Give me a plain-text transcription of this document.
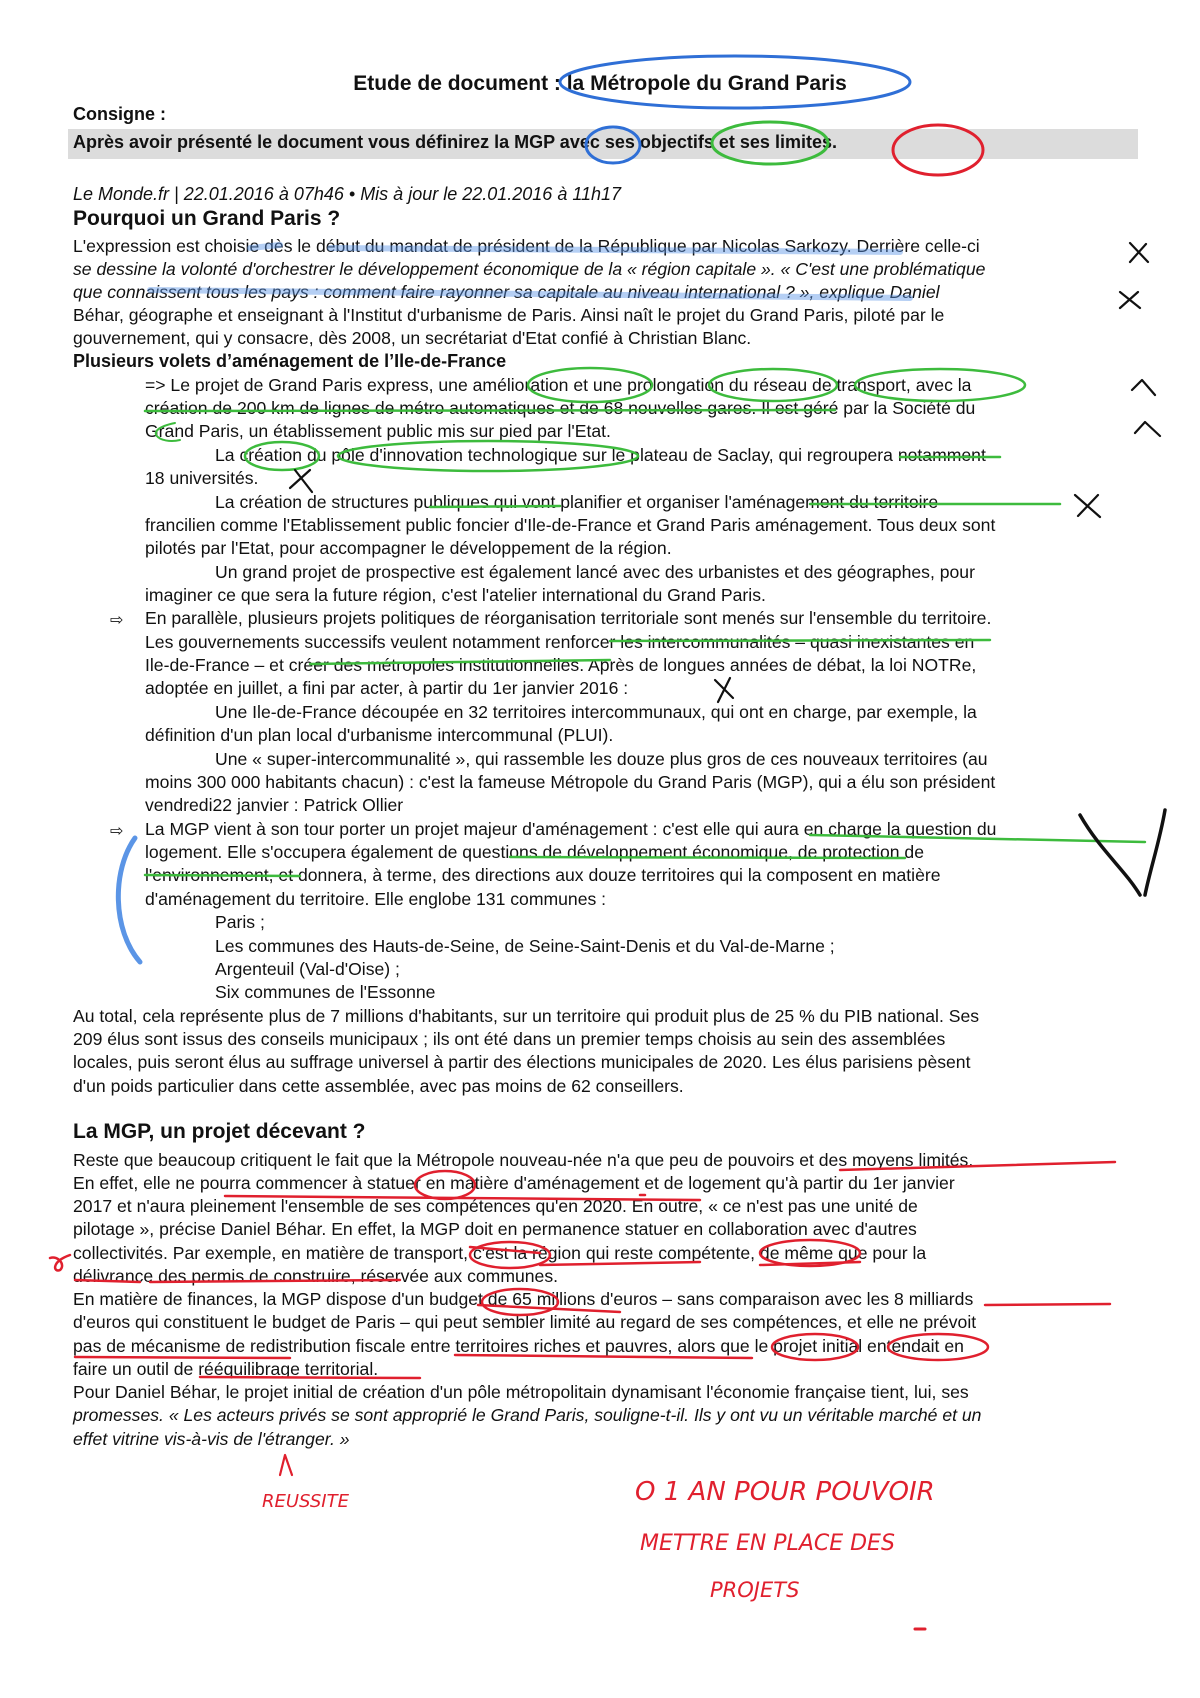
Etude de document : la Métropole du Grand Paris
Consigne :
Après avoir présenté le document vous définirez la MGP avec ses objectifs et ses limites.
Le Monde.fr | 22.01.2016 à 07h46 • Mis à jour le 22.01.2016 à 11h17
Pourquoi un Grand Paris ?
L'expression est choisie dès le début du mandat de président de la République par Nicolas Sarkozy. Derrière celle-ci
se dessine la volonté d'orchestrer le développement économique de la « région capitale ». « C'est une problématique
que connaissent tous les pays : comment faire rayonner sa capitale au niveau international ? », explique Daniel
Béhar, géographe et enseignant à l'Institut d'urbanisme de Paris. Ainsi naît le projet du Grand Paris, piloté par le
gouvernement, qui y consacre, dès 2008, un secrétariat d'Etat confié à Christian Blanc.
Plusieurs volets d’aménagement de l’Ile-de-France
=> Le projet de Grand Paris express, une amélioration et une prolongation du réseau de transport, avec la
création de 200 km de lignes de métro automatiques et de 68 nouvelles gares. Il est géré par la Société du
Grand Paris, un établissement public mis sur pied par l'Etat.
La création du pôle d'innovation technologique sur le plateau de Saclay, qui regroupera notamment
18 universités.
La création de structures publiques qui vont planifier et organiser l'aménagement du territoire
francilien comme l'Etablissement public foncier d'Ile-de-France et Grand Paris aménagement. Tous deux sont
pilotés par l'Etat, pour accompagner le développement de la région.
Un grand projet de prospective est également lancé avec des urbanistes et des géographes, pour
imaginer ce que sera la future région, c'est l'atelier international du Grand Paris.
⇨ En parallèle, plusieurs projets politiques de réorganisation territoriale sont menés sur l'ensemble du territoire.
Les gouvernements successifs veulent notamment renforcer les intercommunalités – quasi inexistantes en
Ile-de-France – et créer des métropoles institutionnelles. Après de longues années de débat, la loi NOTRe,
adoptée en juillet, a fini par acter, à partir du 1er janvier 2016 :
Une Ile-de-France découpée en 32 territoires intercommunaux, qui ont en charge, par exemple, la
définition d'un plan local d'urbanisme intercommunal (PLUI).
Une « super-intercommunalité », qui rassemble les douze plus gros de ces nouveaux territoires (au
moins 300 000 habitants chacun) : c'est la fameuse Métropole du Grand Paris (MGP), qui a élu son président
vendredi22 janvier : Patrick Ollier
⇨ La MGP vient à son tour porter un projet majeur d'aménagement : c'est elle qui aura en charge la question du
logement. Elle s'occupera également de questions de développement économique, de protection de
l'environnement, et donnera, à terme, des directions aux douze territoires qui la composent en matière
d'aménagement du territoire. Elle englobe 131 communes :
Paris ;
Les communes des Hauts-de-Seine, de Seine-Saint-Denis et du Val-de-Marne ;
Argenteuil (Val-d'Oise) ;
Six communes de l'Essonne
Au total, cela représente plus de 7 millions d'habitants, sur un territoire qui produit plus de 25 % du PIB national. Ses
209 élus sont issus des conseils municipaux ; ils ont été dans un premier temps choisis au sein des assemblées
locales, puis seront élus au suffrage universel à partir des élections municipales de 2020. Les élus parisiens pèsent
d'un poids particulier dans cette assemblée, avec pas moins de 62 conseillers.
La MGP, un projet décevant ?
Reste que beaucoup critiquent le fait que la Métropole nouveau-née n'a que peu de pouvoirs et des moyens limités.
En effet, elle ne pourra commencer à statuer en matière d'aménagement et de logement qu'à partir du 1er janvier
2017 et n'aura pleinement l'ensemble de ses compétences qu'en 2020. En outre, « ce n'est pas une unité de
pilotage », précise Daniel Béhar. En effet, la MGP doit en permanence statuer en collaboration avec d'autres
collectivités. Par exemple, en matière de transport, c'est la région qui reste compétente, de même que pour la
délivrance des permis de construire, réservée aux communes.
En matière de finances, la MGP dispose d'un budget de 65 millions d'euros – sans comparaison avec les 8 milliards
d'euros qui constituent le budget de Paris – qui peut sembler limité au regard de ses compétences, et elle ne prévoit
pas de mécanisme de redistribution fiscale entre territoires riches et pauvres, alors que le projet initial entendait en
faire un outil de rééquilibrage territorial.
Pour Daniel Béhar, le projet initial de création d'un pôle métropolitain dynamisant l'économie française tient, lui, ses
promesses. « Les acteurs privés se sont approprié le Grand Paris, souligne-t-il. Ils y ont vu un véritable marché et un
effet vitrine vis-à-vis de l'étranger. »
REUSSITE	O 1 AN POUR POUVOIR
METTRE EN PLACE DES
PROJETS
